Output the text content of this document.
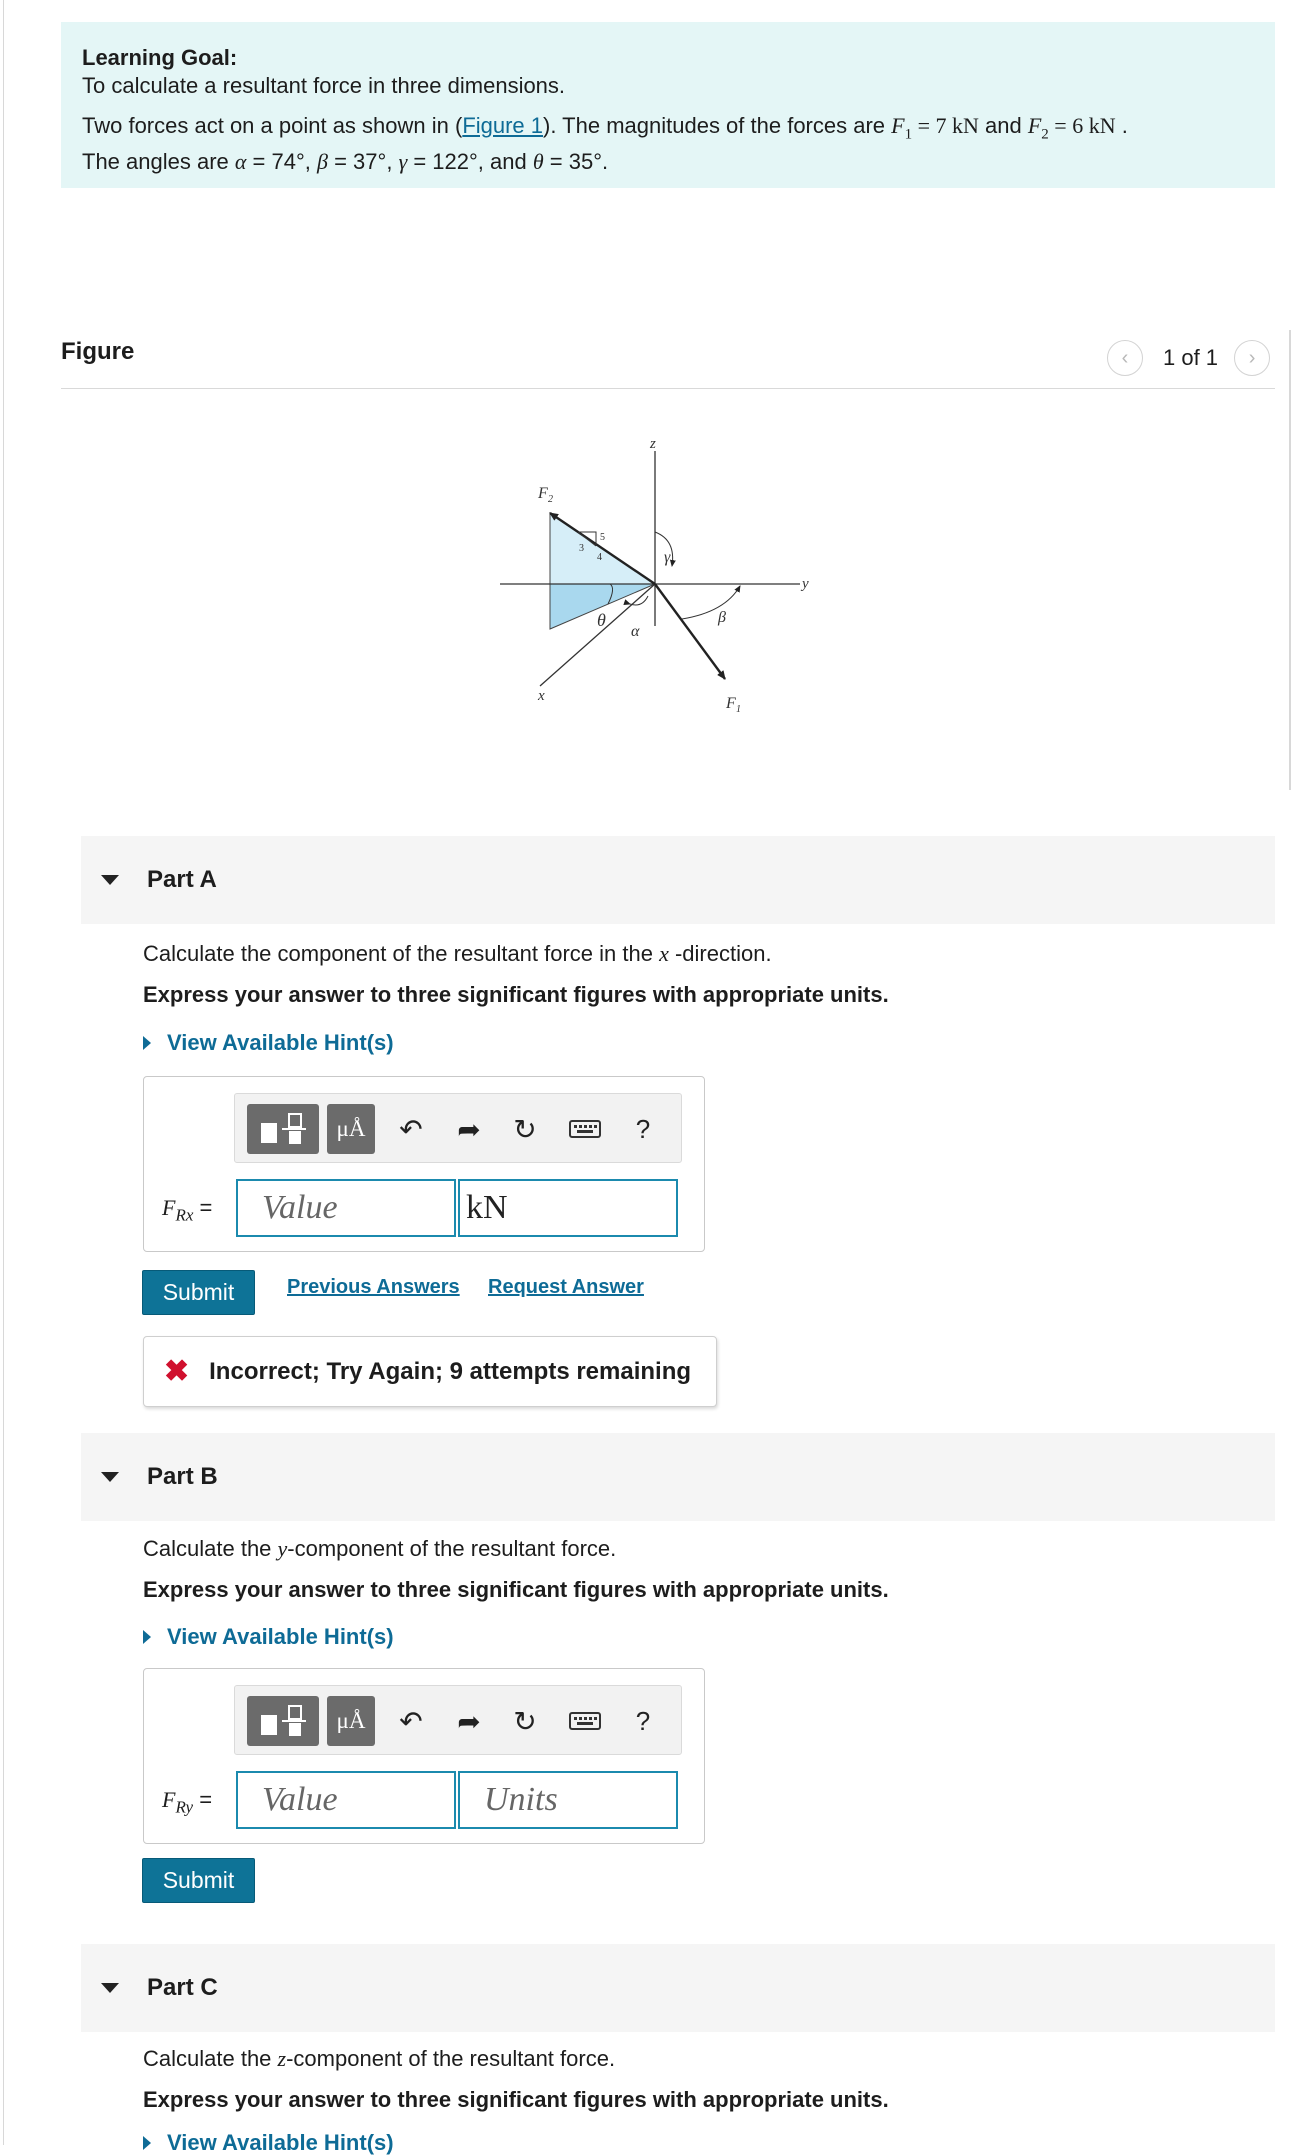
Learning Goal:
To calculate a resultant force in three dimensions.
Two forces act on a point as shown in (Figure 1). The magnitudes of the forces are $F_1 = 7$ kN and $F_2 = 6$ kN .
The angles are α = 74°, β = 37°, γ = 122°, and θ = 35°.
Figure	‹	1 of 1	›
z
y
x
F 2
F 1
γ
θ
α
β
3
4
5
Part A
Calculate the component of the resultant force in the x -direction.
Express your answer to three significant figures with appropriate units.
View Available Hint(s)
μÅ	↶ ➦ ↻	?
$F_{Rx}$ =	Value	kN
Submit	Previous Answers Request Answer
✖ Incorrect; Try Again; 9 attempts remaining
Part B
Calculate the y-component of the resultant force.
Express your answer to three significant figures with appropriate units.
View Available Hint(s)
μÅ	↶ ➦ ↻	?
$F_{Ry}$ =	Value	Units
Submit
Part C
Calculate the z-component of the resultant force.
Express your answer to three significant figures with appropriate units.
View Available Hint(s)
